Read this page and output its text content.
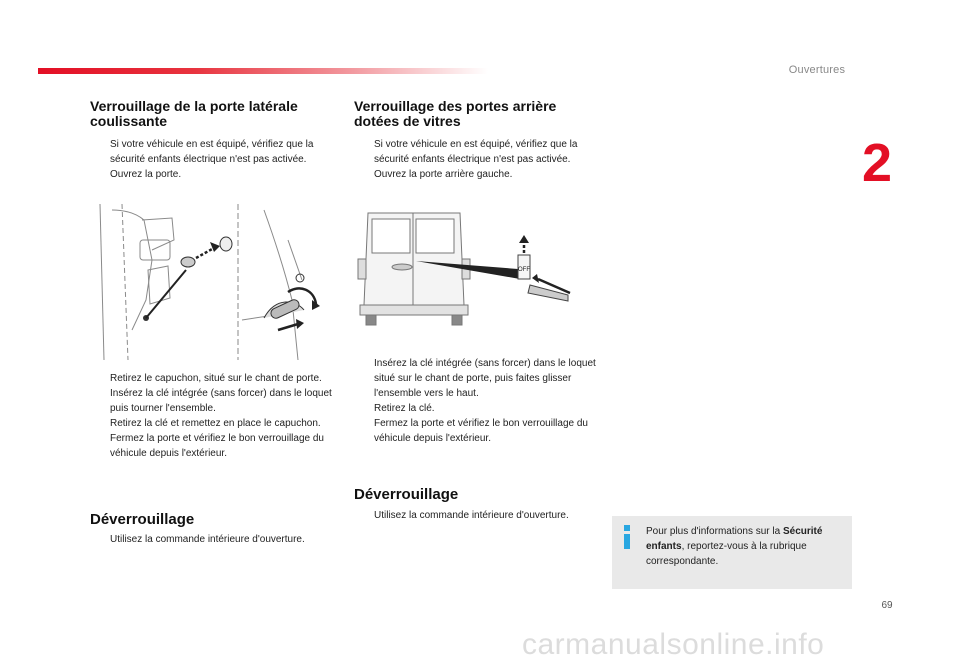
Ouvertures
2
Verrouillage de la porte latérale coulissante
Si votre véhicule en est équipé, vérifiez que la sécurité enfants électrique n'est pas activée.
Ouvrez la porte.
Retirez le capuchon, situé sur le chant de porte.
Insérez la clé intégrée (sans forcer) dans le loquet puis tourner l'ensemble.
Retirez la clé et remettez en place le capuchon.
Fermez la porte et vérifiez le bon verrouillage du véhicule depuis l'extérieur.
Déverrouillage
Utilisez la commande intérieure d'ouverture.
Verrouillage des portes arrière dotées de vitres
Si votre véhicule en est équipé, vérifiez que la sécurité enfants électrique n'est pas activée.
Ouvrez la porte arrière gauche.
OFF
Insérez la clé intégrée (sans forcer) dans le loquet situé sur le chant de porte, puis faites glisser l'ensemble vers le haut.
Retirez la clé.
Fermez la porte et vérifiez le bon verrouillage du véhicule depuis l'extérieur.
Déverrouillage
Utilisez la commande intérieure d'ouverture.
Pour plus d'informations sur la Sécurité enfants, reportez-vous à la rubrique correspondante.
69
carmanualsonline.info
